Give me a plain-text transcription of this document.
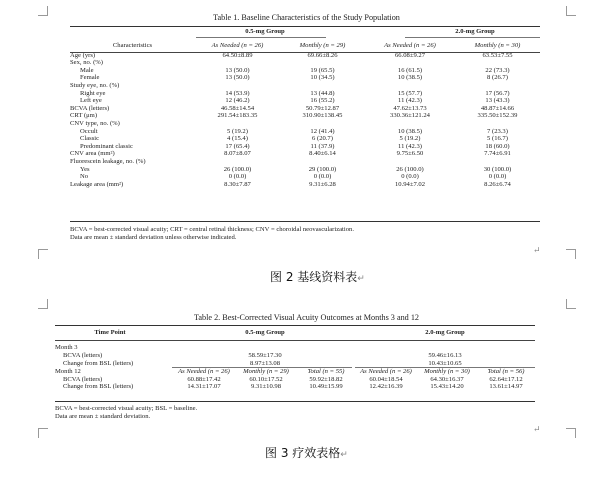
Table 1. Baseline Characteristics of the Study Population
0.5-mg Group	2.0-mg Group
Characteristics	As Needed (n = 26)	Monthly (n = 29)	As Needed (n = 26)	Monthly (n = 30)
Age (yrs)	64.50±8.89	69.66±8.26	66.08±9.27	63.53±7.55
Sex, no. (%)				
Male	13 (50.0)	19 (65.5)	16 (61.5)	22 (73.3)
Female	13 (50.0)	10 (34.5)	10 (38.5)	8 (26.7)
Study eye, no. (%)				
Right eye	14 (53.9)	13 (44.8)	15 (57.7)	17 (56.7)
Left eye	12 (46.2)	16 (55.2)	11 (42.3)	13 (43.3)
BCVA (letters)	46.58±14.54	50.79±12.87	47.62±13.73	48.87±14.66
CRT (μm)	291.54±183.35	310.90±138.45	330.36±121.24	335.50±152.39
CNV type, no. (%)				
Occult	5 (19.2)	12 (41.4)	10 (38.5)	7 (23.3)
Classic	4 (15.4)	6 (20.7)	5 (19.2)	5 (16.7)
Predominant classic	17 (65.4)	11 (37.9)	11 (42.3)	18 (60.0)
CNV area (mm²)	8.07±8.07	8.40±6.14	9.75±6.50	7.74±6.91
Fluorescein leakage, no. (%)				
Yes	26 (100.0)	29 (100.0)	26 (100.0)	30 (100.0)
No	0 (0.0)	0 (0.0)	0 (0.0)	0 (0.0)
Leakage area (mm²)	8.30±7.87	9.31±6.28	10.94±7.02	8.26±6.74
BCVA = best-corrected visual acuity; CRT = central retinal thickness; CNV = choroidal neovascularization.
Data are mean ± standard deviation unless otherwise indicated.
↵
图 2 基线资料表↵
Table 2. Best-Corrected Visual Acuity Outcomes at Months 3 and 12
Time Point	0.5-mg Group	2.0-mg Group
Month 3
BCVA (letters)	58.59±17.30	59.46±16.13
Change from BSL (letters)	8.97±13.08	10.43±10.65
Month 12	As Needed (n = 26)	Monthly (n = 29)	Total (n = 55)	As Needed (n = 26)	Monthly (n = 30)	Total (n = 56)
BCVA (letters)	60.88±17.42	60.10±17.52	59.92±18.82	60.04±18.54	64.30±16.37	62.64±17.12
Change from BSL (letters)	14.31±17.07	9.31±10.98	10.49±15.99	12.42±16.39	15.43±14.20	13.61±14.97
BCVA = best-corrected visual acuity; BSL = baseline.
Data are mean ± standard deviation.
↵
图 3 疗效表格↵
